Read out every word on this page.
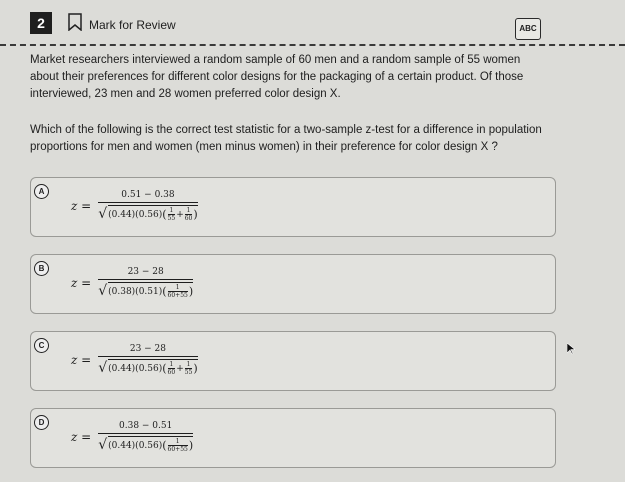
2	Mark for Review	ABC
Market researchers interviewed a random sample of 60 men and a random sample of 55 women about their preferences for different color designs for the packaging of a certain product. Of those interviewed, 23 men and 28 women preferred color design X.
Which of the following is the correct test statistic for a two-sample z-test for a difference in population proportions for men and women (men minus women) in their preference for color design X ?
A
z =
0.51 − 0.38
√ (0.44)(0.56) ( 1
$55 + \frac{1}{60}$ )
B
z =
23 − 28
√ (0.38)(0.51) ( 1
60+55 )
C
z =
23 − 28
√ (0.44)(0.56) ( 1
$60 + \frac{1}{55}$ )
D
z =
0.38 − 0.51
√ (0.44)(0.56) ( 1
60+55 )
